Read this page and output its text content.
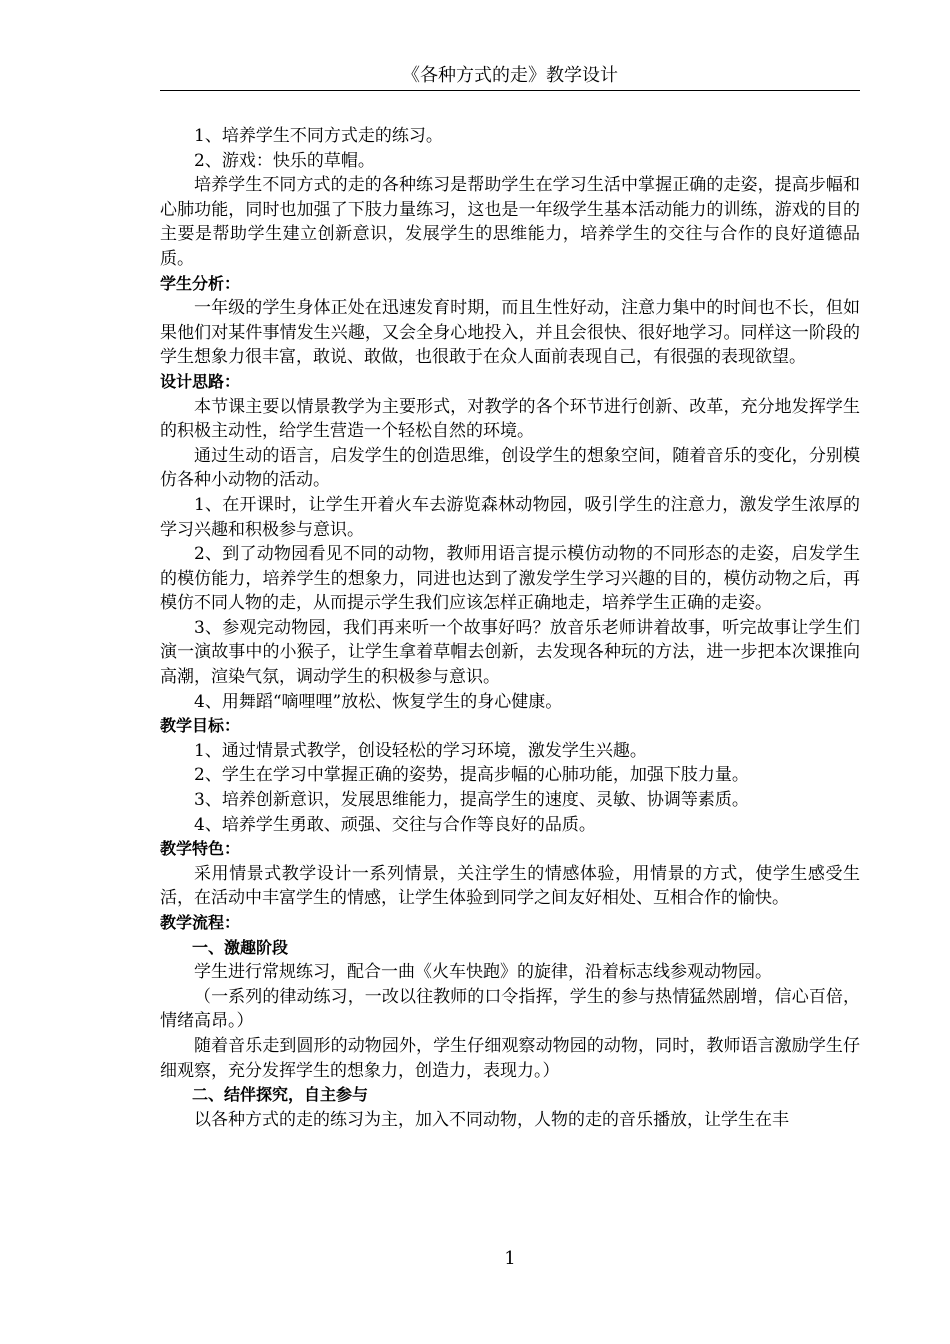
《各种方式的走》教学设计

1、培养学生不同方式走的练习。

2、游戏：快乐的草帽。

培养学生不同方式的走的各种练习是帮助学生在学习生活中掌握正确的走姿，提高步幅和心肺功能，同时也加强了下肢力量练习，这也是一年级学生基本活动能力的训练，游戏的目的主要是帮助学生建立创新意识，发展学生的思维能力，培养学生的交往与合作的良好道德品质。

学生分析：

一年级的学生身体正处在迅速发育时期，而且生性好动，注意力集中的时间也不长，但如果他们对某件事情发生兴趣，又会全身心地投入，并且会很快、很好地学习。同样这一阶段的学生想象力很丰富，敢说、敢做，也很敢于在众人面前表现自己，有很强的表现欲望。

设计思路：

本节课主要以情景教学为主要形式，对教学的各个环节进行创新、改革，充分地发挥学生的积极主动性，给学生营造一个轻松自然的环境。

通过生动的语言，启发学生的创造思维，创设学生的想象空间，随着音乐的变化，分别模仿各种小动物的活动。

1、在开课时，让学生开着火车去游览森林动物园，吸引学生的注意力，激发学生浓厚的学习兴趣和积极参与意识。

2、到了动物园看见不同的动物，教师用语言提示模仿动物的不同形态的走姿，启发学生的模仿能力，培养学生的想象力，同进也达到了激发学生学习兴趣的目的，模仿动物之后，再模仿不同人物的走，从而提示学生我们应该怎样正确地走，培养学生正确的走姿。

3、参观完动物园，我们再来听一个故事好吗？放音乐老师讲着故事，听完故事让学生们演一演故事中的小猴子，让学生拿着草帽去创新，去发现各种玩的方法，进一步把本次课推向高潮，渲染气氛，调动学生的积极参与意识。

4、用舞蹈“嘀哩哩”放松、恢复学生的身心健康。

教学目标：

1、通过情景式教学，创设轻松的学习环境，激发学生兴趣。

2、学生在学习中掌握正确的姿势，提高步幅的心肺功能，加强下肢力量。

3、培养创新意识，发展思维能力，提高学生的速度、灵敏、协调等素质。

4、培养学生勇敢、顽强、交往与合作等良好的品质。

教学特色：

采用情景式教学设计一系列情景，关注学生的情感体验，用情景的方式，使学生感受生活，在活动中丰富学生的情感，让学生体验到同学之间友好相处、互相合作的愉快。

教学流程：

一、激趣阶段

学生进行常规练习，配合一曲《火车快跑》的旋律，沿着标志线参观动物园。

（一系列的律动练习，一改以往教师的口令指挥，学生的参与热情猛然剧增，信心百倍，情绪高昂。）

随着音乐走到圆形的动物园外，学生仔细观察动物园的动物，同时，教师语言激励学生仔细观察，充分发挥学生的想象力，创造力，表现力。）

二、结伴探究，自主参与

以各种方式的走的练习为主，加入不同动物，人物的走的音乐播放，让学生在丰

1
